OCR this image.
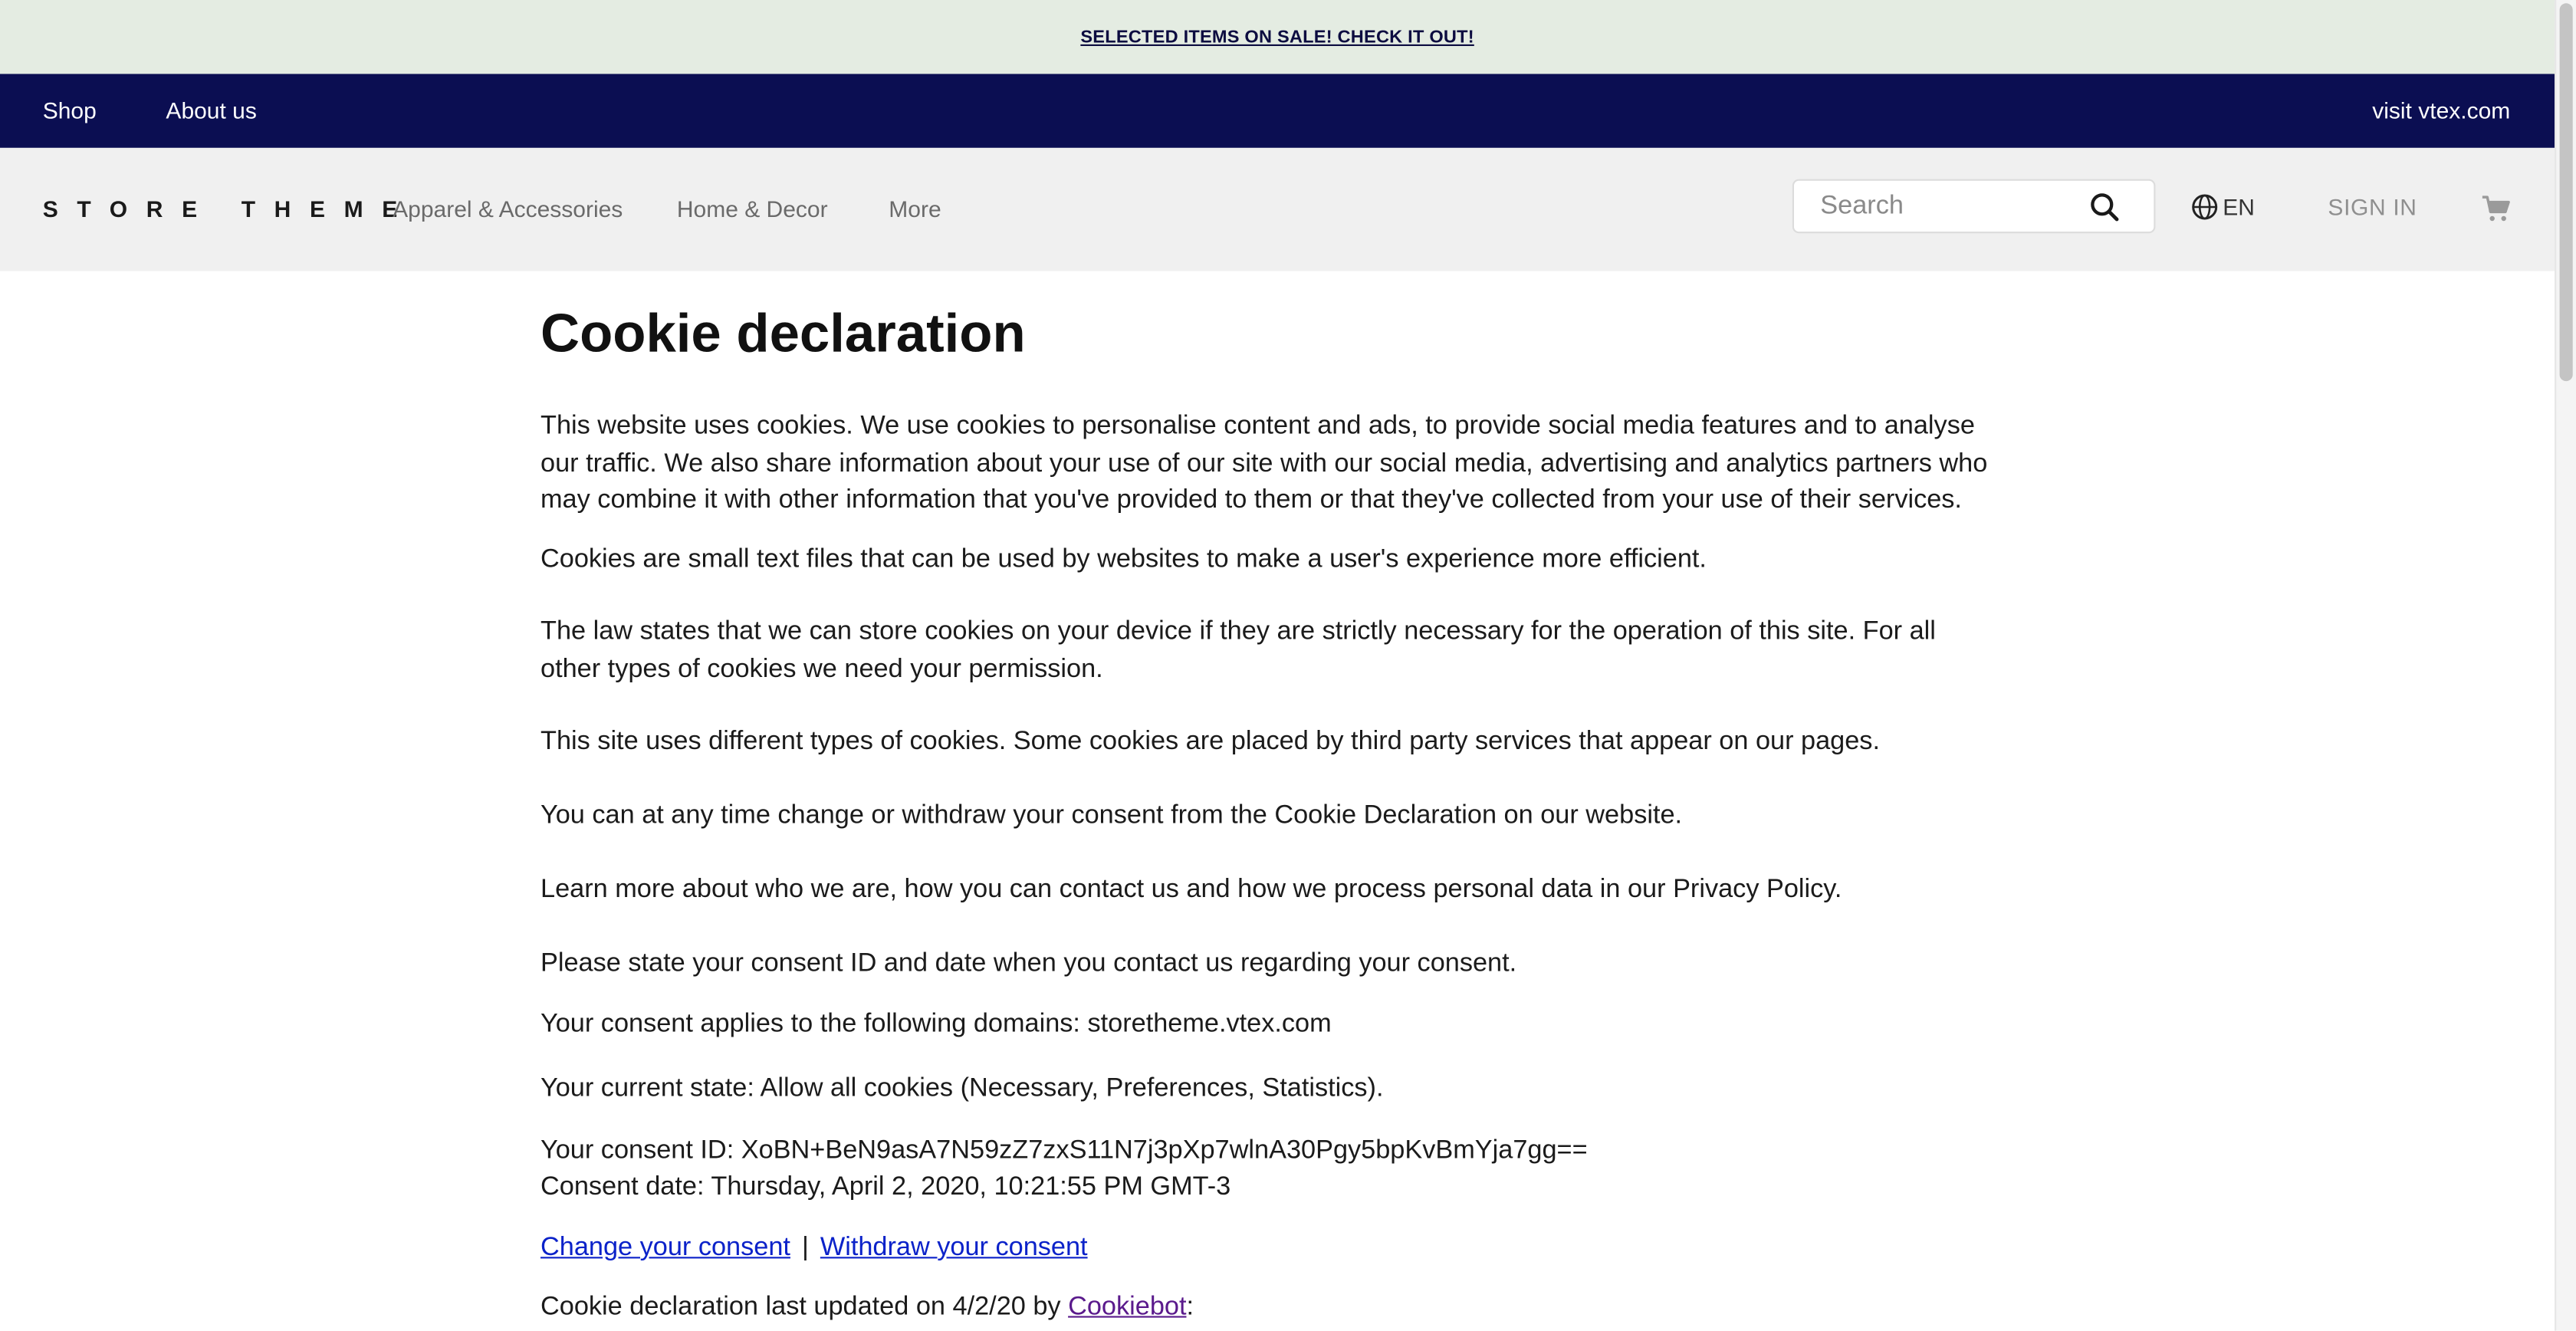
SELECTED ITEMS ON SALE! CHECK IT OUT!
Shop	About us	visit vtex.com
STORE THEME
Apparel & Accessories	Home & Decor	More
Search	EN	SIGN IN
Cookie declaration

This website uses cookies. We use cookies to personalise content and ads, to provide social media features and to analyse our traffic. We also share information about your use of our site with our social media, advertising and analytics partners who may combine it with other information that you've provided to them or that they've collected from your use of their services.

Cookies are small text files that can be used by websites to make a user's experience more efficient.

The law states that we can store cookies on your device if they are strictly necessary for the operation of this site. For all other types of cookies we need your permission.

This site uses different types of cookies. Some cookies are placed by third party services that appear on our pages.

You can at any time change or withdraw your consent from the Cookie Declaration on our website.

Learn more about who we are, how you can contact us and how we process personal data in our Privacy Policy.

Please state your consent ID and date when you contact us regarding your consent.

Your consent applies to the following domains: storetheme.vtex.com

Your current state: Allow all cookies (Necessary, Preferences, Statistics).

Your consent ID: XoBN+BeN9asA7N59zZ7zxS11N7j3pXp7wlnA30Pgy5bpKvBmYja7gg==

Consent date: Thursday, April 2, 2020, 10:21:55 PM GMT-3

Change your consent | Withdraw your consent
Cookie declaration last updated on 4/2/20 by Cookiebot:
